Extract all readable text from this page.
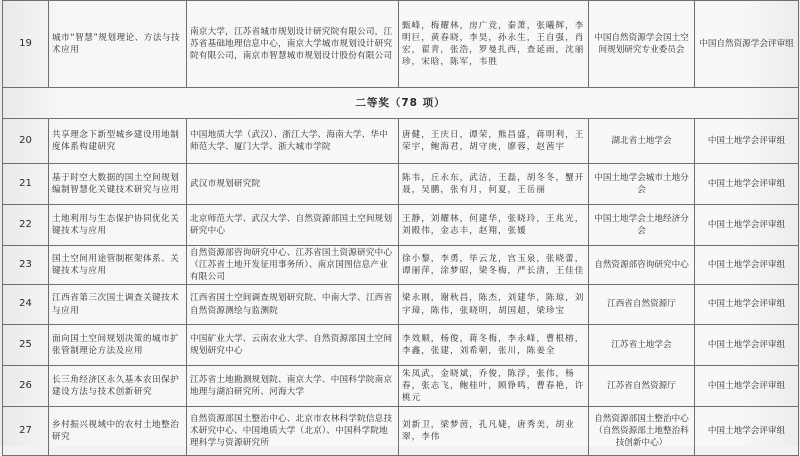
19	城市“智慧”规划理论、方法与技术应用	南京大学，江苏省城市规划设计研究院有限公司，江苏省基础地理信息中心，南京大学城市规划设计研究院有限公司，南京市智慧城市规划设计股份有限公司	甄峰，梅耀林，房广竞，秦萧，张曦辉，李明巨，黄春晓，李昊，孙永生，王自强，肖宏，翟青，张浩，罗曼扎西，查延雨，沈丽珍，宋晗，陈军，韦胜	中国自然资源学会国土空间规划研究专业委员会	中国自然资源学会评审组
二等奖（78 项）					
20	共享理念下新型城乡建设用地制度体系构建研究	中国地质大学（武汉）、浙江大学、海南大学、华中师范大学、厦门大学、浙大城市学院	唐健，王庆日，谭荣，熊昌盛，蒋明利，王荣宇，鲍海君，胡守庚，廖蓉，赵茜宇	湖北省土地学会	中国土地学会评审组
21	基于时空大数据的国土空间规划编制智慧化关键技术研究与应用	武汉市规划研究院	陈韦，丘永东，武洁，王磊，胡冬冬，蟹开聂，吴鹏，张有月，何夏，王岳丽	中国土地学会城市土地分会	中国土地学会评审组
22	土地利用与生态保护协同优化关键技术与应用	北京师范大学、武汉大学、自然资源部国土空间规划研究中心	王静，刘耀林，何建华，张晓玲，王兆光，刘殿伟，金志丰，赵翔，张媛	中国土地学会土地经济分会	中国土地学会评审组
23	国土空间用途管制框架体系、关键技术与应用	自然资源部咨询研究中心、江苏省国土资源研究中心（江苏省土地开发征用事务所）、南京国图信息产业有限公司	徐小黎，李勇，毕云龙，宫玉泉，张晓蕾，谭丽萍，涂梦昭，梁冬梅，严长清，王佳佳	自然资源部咨询研究中心	中国土地学会评审组
24	江西省第三次国土调查关键技术与应用	江西省国土空间调查规划研究院、中南大学、江西省自然资源测绘与监测院	梁永刚，谢秋昌，陈杰，刘建华，陈琼，刘宇璋，陈伟，张晓明，胡国超，梁珍宝	江西省自然资源厅	中国土地学会评审组
25	面向国土空间规划决策的城市扩张管制理论方法及应用	中国矿业大学、云南农业大学、自然资源部国土空间规划研究中心	李效顺，杨俊，蒋冬梅，李永峰，曹根榕，李鑫，张建，刘希朝，张川，陈姜全	江苏省土地学会	中国土地学会评审组
26	长三角经济区永久基本农田保护建设方法与技术创新研究	江苏省土地勘测规划院、南京大学、中国科学院南京地理与湖泊研究所、河海大学	朱凤武，金晓斌，乔俊，陈浮，张伟，杨春，张志飞，鲍桂叶，顾铮鸣，曹春艳，许桃元	江苏省自然资源厅	中国土地学会评审组
27	乡村振兴视域中的农村土地整治研究	自然资源部国土整治中心、北京市农林科学院信息技术研究中心、中国地质大学（北京）、中国科学院地理科学与资源研究所	刘新卫，梁梦茵，孔凡婕，唐秀美，胡业翠，李伟	自然资源部国土整治中心（自然资源部土地整治科技创新中心）	中国土地学会评审组
